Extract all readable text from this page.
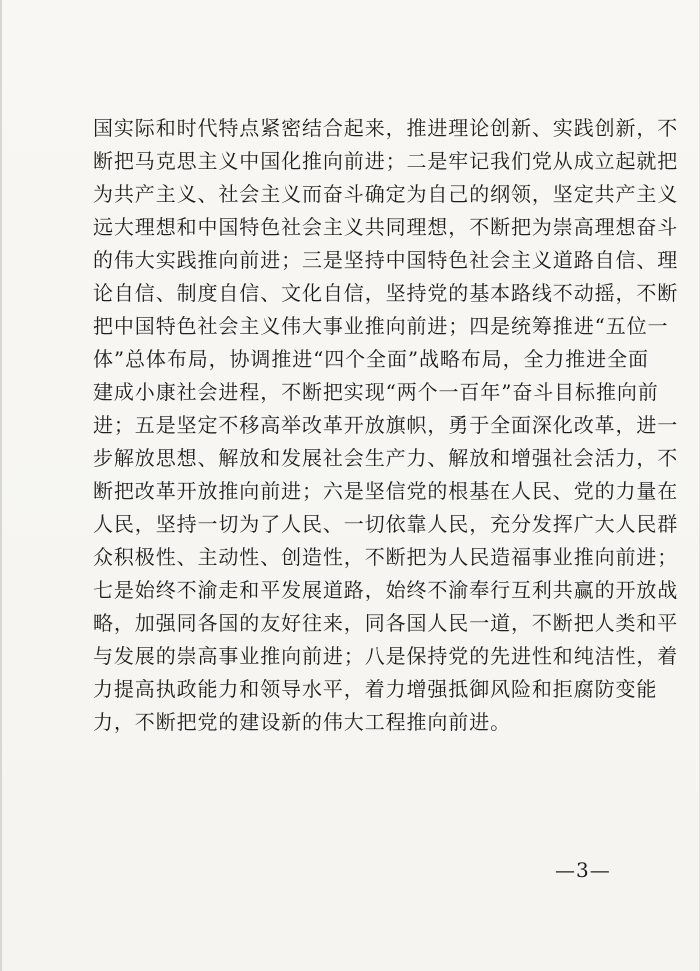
国实际和时代特点紧密结合起来，推进理论创新、实践创新，不
断把马克思主义中国化推向前进；二是牢记我们党从成立起就把
为共产主义、社会主义而奋斗确定为自己的纲领，坚定共产主义
远大理想和中国特色社会主义共同理想，不断把为崇高理想奋斗
的伟大实践推向前进；三是坚持中国特色社会主义道路自信、理
论自信、制度自信、文化自信，坚持党的基本路线不动摇，不断
把中国特色社会主义伟大事业推向前进；四是统筹推进“五位一
体”总体布局，协调推进“四个全面”战略布局，全力推进全面
建成小康社会进程，不断把实现“两个一百年”奋斗目标推向前
进；五是坚定不移高举改革开放旗帜，勇于全面深化改革，进一
步解放思想、解放和发展社会生产力、解放和增强社会活力，不
断把改革开放推向前进；六是坚信党的根基在人民、党的力量在
人民，坚持一切为了人民、一切依靠人民，充分发挥广大人民群
众积极性、主动性、创造性，不断把为人民造福事业推向前进；
七是始终不渝走和平发展道路，始终不渝奉行互利共赢的开放战
略，加强同各国的友好往来，同各国人民一道，不断把人类和平
与发展的崇高事业推向前进；八是保持党的先进性和纯洁性，着
力提高执政能力和领导水平，着力增强抵御风险和拒腐防变能
力，不断把党的建设新的伟大工程推向前进。
—3—
